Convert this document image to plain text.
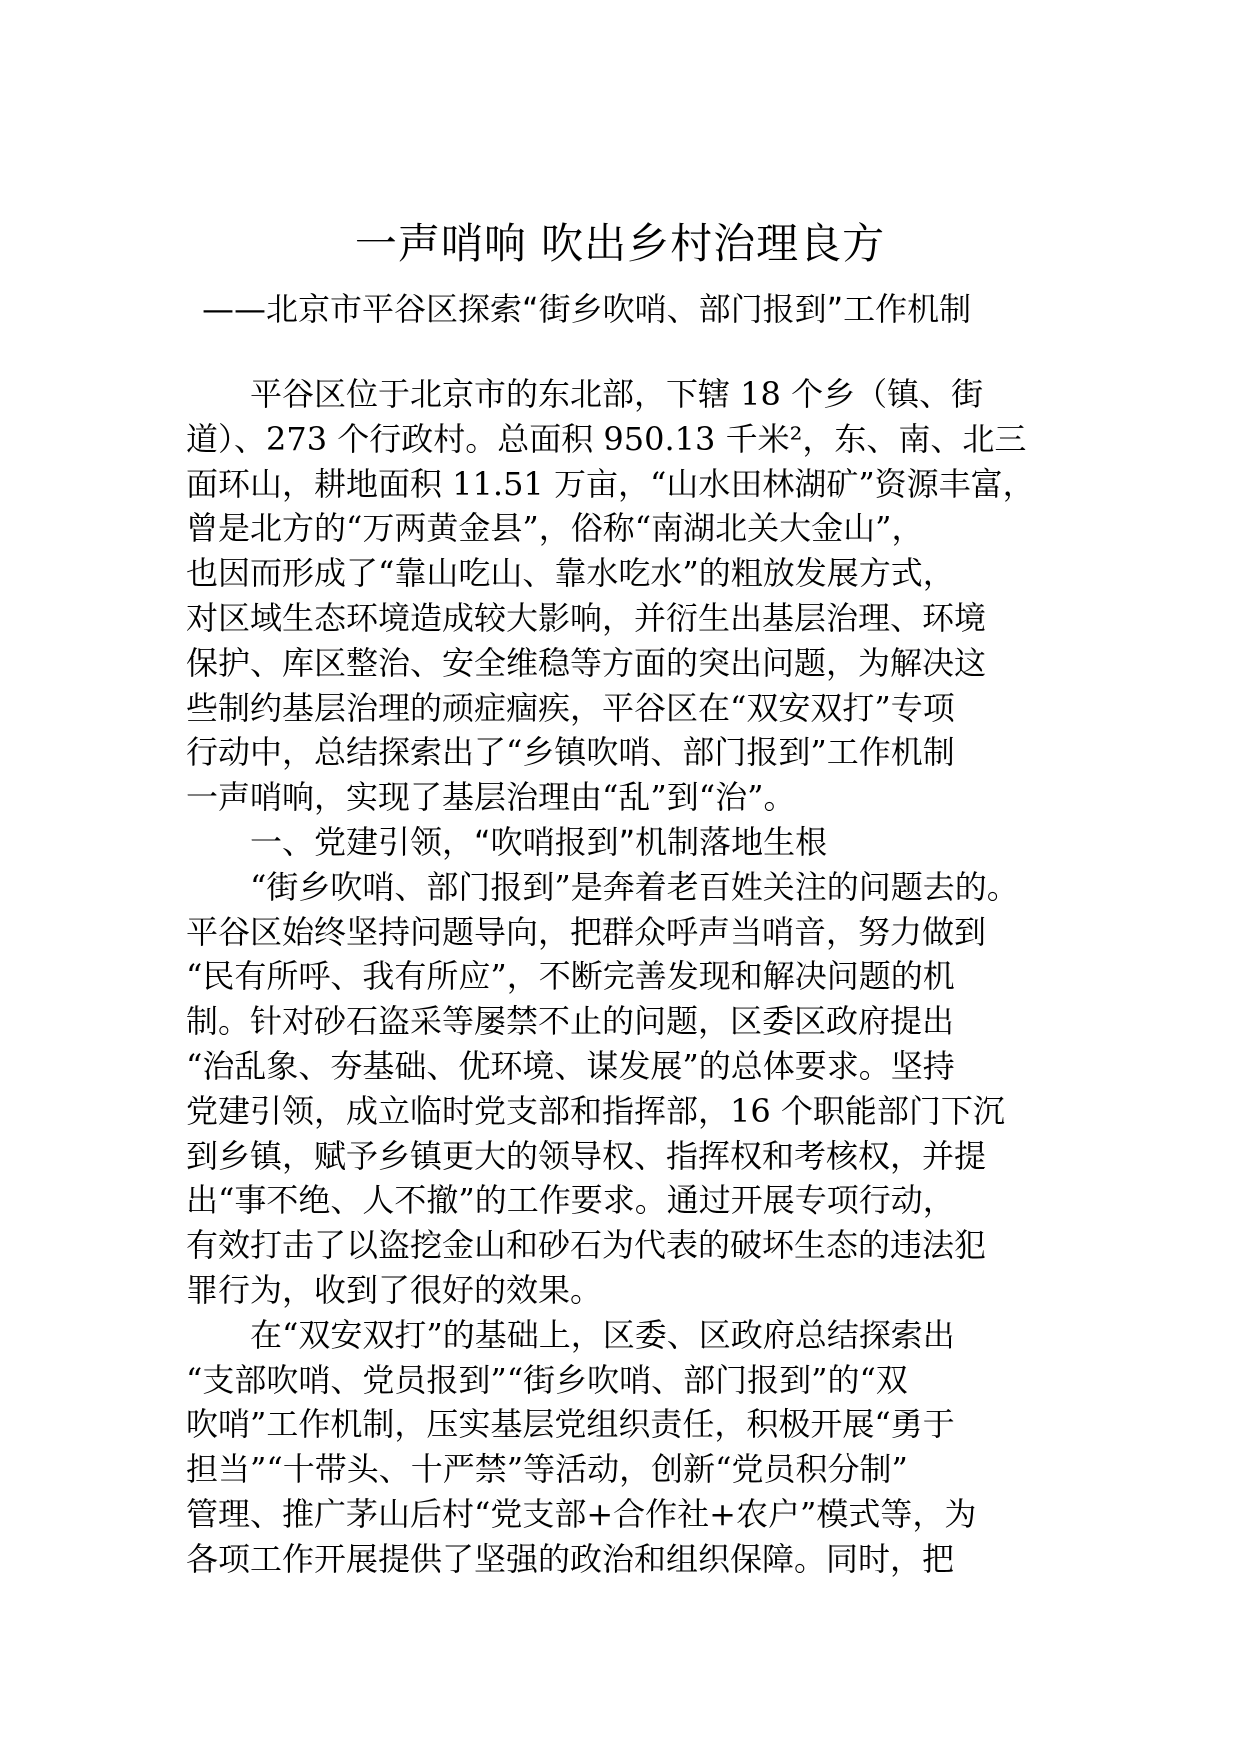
一声哨响 吹出乡村治理良方
——北京市平谷区探索“街乡吹哨、部门报到”工作机制
平谷区位于北京市的东北部，下辖 18 个乡（镇、街
道）、273 个行政村。总面积 950.13 千米²，东、南、北三
面环山，耕地面积 11.51 万亩，“山水田林湖矿”资源丰富，
曾是北方的“万两黄金县”，俗称“南湖北关大金山”，
也因而形成了“靠山吃山、靠水吃水”的粗放发展方式，
对区域生态环境造成较大影响，并衍生出基层治理、环境
保护、库区整治、安全维稳等方面的突出问题，为解决这
些制约基层治理的顽症痼疾，平谷区在“双安双打”专项
行动中，总结探索出了“乡镇吹哨、部门报到”工作机制
一声哨响，实现了基层治理由“乱”到“治”。
一、党建引领，“吹哨报到”机制落地生根
“街乡吹哨、部门报到”是奔着老百姓关注的问题去的。
平谷区始终坚持问题导向，把群众呼声当哨音，努力做到
“民有所呼、我有所应”，不断完善发现和解决问题的机
制。针对砂石盗采等屡禁不止的问题，区委区政府提出
“治乱象、夯基础、优环境、谋发展”的总体要求。坚持
党建引领，成立临时党支部和指挥部，16 个职能部门下沉
到乡镇，赋予乡镇更大的领导权、指挥权和考核权，并提
出“事不绝、人不撤”的工作要求。通过开展专项行动，
有效打击了以盗挖金山和砂石为代表的破坏生态的违法犯
罪行为，收到了很好的效果。
在“双安双打”的基础上，区委、区政府总结探索出
“支部吹哨、党员报到”“街乡吹哨、部门报到”的“双
吹哨”工作机制，压实基层党组织责任，积极开展“勇于
担当”“十带头、十严禁”等活动，创新“党员积分制”
管理、推广茅山后村“党支部+合作社+农户”模式等，为
各项工作开展提供了坚强的政治和组织保障。同时，把
